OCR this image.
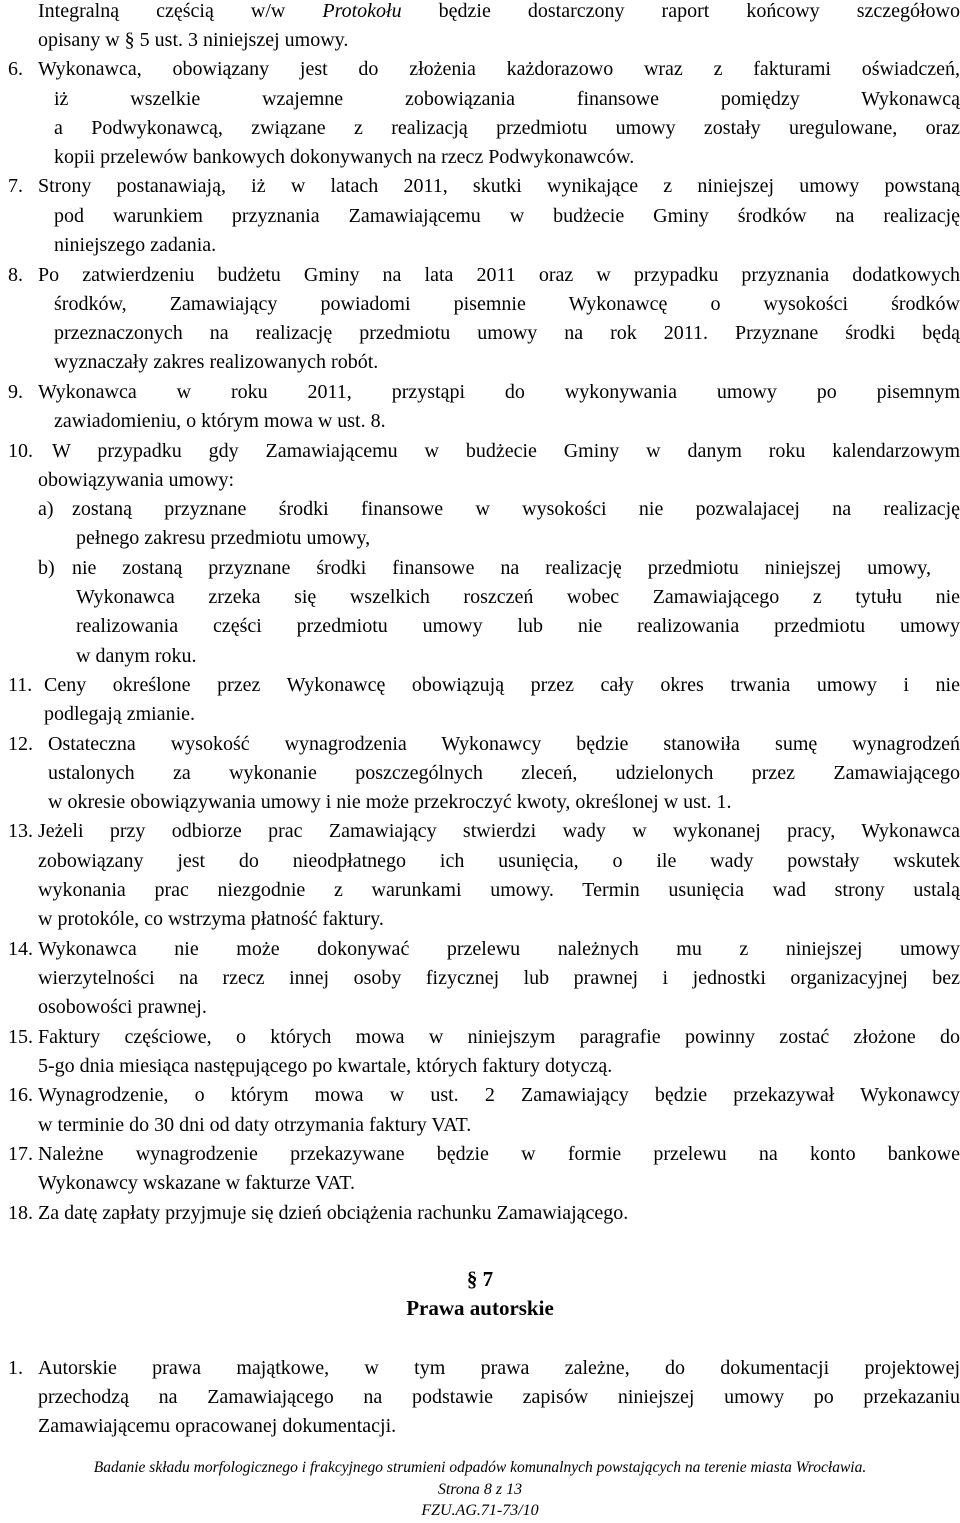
Integralną częścią w/w Protokołu będzie dostarczony raport końcowy szczegółowo
opisany w § 5 ust. 3 niniejszej umowy.
6. Wykonawca, obowiązany jest do złożenia każdorazowo wraz z fakturami oświadczeń,
iż wszelkie wzajemne zobowiązania finansowe pomiędzy Wykonawcą
a Podwykonawcą, związane z realizacją przedmiotu umowy zostały uregulowane, oraz
kopii przelewów bankowych dokonywanych na rzecz Podwykonawców.
7. Strony postanawiają, iż w latach 2011, skutki wynikające z niniejszej umowy powstaną
pod warunkiem przyznania Zamawiającemu w budżecie Gminy środków na realizację
niniejszego zadania.
8. Po zatwierdzeniu budżetu Gminy na lata 2011 oraz w przypadku przyznania dodatkowych
środków, Zamawiający powiadomi pisemnie Wykonawcę o wysokości środków
przeznaczonych na realizację przedmiotu umowy na rok 2011. Przyznane środki będą
wyznaczały zakres realizowanych robót.
9. Wykonawca w roku 2011, przystąpi do wykonywania umowy po pisemnym
zawiadomieniu, o którym mowa w ust. 8.
10. W przypadku gdy Zamawiającemu w budżecie Gminy w danym roku kalendarzowym
obowiązywania umowy:
a) zostaną przyznane środki finansowe w wysokości nie pozwalajacej na realizację
pełnego zakresu przedmiotu umowy,
b) nie zostaną przyznane środki finansowe na realizację przedmiotu niniejszej umowy,
Wykonawca zrzeka się wszelkich roszczeń wobec Zamawiającego z tytułu nie
realizowania części przedmiotu umowy lub nie realizowania przedmiotu umowy
w danym roku.
11. Ceny określone przez Wykonawcę obowiązują przez cały okres trwania umowy i nie
podlegają zmianie.
12. Ostateczna wysokość wynagrodzenia Wykonawcy będzie stanowiła sumę wynagrodzeń
ustalonych za wykonanie poszczególnych zleceń, udzielonych przez Zamawiającego
w okresie obowiązywania umowy i nie może przekroczyć kwoty, określonej w ust. 1.
13. Jeżeli przy odbiorze prac Zamawiający stwierdzi wady w wykonanej pracy, Wykonawca
zobowiązany jest do nieodpłatnego ich usunięcia, o ile wady powstały wskutek
wykonania prac niezgodnie z warunkami umowy. Termin usunięcia wad strony ustalą
w protokóle, co wstrzyma płatność faktury.
14. Wykonawca nie może dokonywać przelewu należnych mu z niniejszej umowy
wierzytelności na rzecz innej osoby fizycznej lub prawnej i jednostki organizacyjnej bez
osobowości prawnej.
15. Faktury częściowe, o których mowa w niniejszym paragrafie powinny zostać złożone do
5-go dnia miesiąca następującego po kwartale, których faktury dotyczą.
16. Wynagrodzenie, o którym mowa w ust. 2 Zamawiający będzie przekazywał Wykonawcy
w terminie do 30 dni od daty otrzymania faktury VAT.
17. Należne wynagrodzenie przekazywane będzie w formie przelewu na konto bankowe
Wykonawcy wskazane w fakturze VAT.
18. Za datę zapłaty przyjmuje się dzień obciążenia rachunku Zamawiającego.
§ 7
Prawa autorskie
1. Autorskie prawa majątkowe, w tym prawa zależne, do dokumentacji projektowej
przechodzą na Zamawiającego na podstawie zapisów niniejszej umowy po przekazaniu
Zamawiającemu opracowanej dokumentacji.
Badanie składu morfologicznego i frakcyjnego strumieni odpadów komunalnych powstających na terenie miasta Wrocławia.
Strona 8 z 13
FZU.AG.71-73/10
